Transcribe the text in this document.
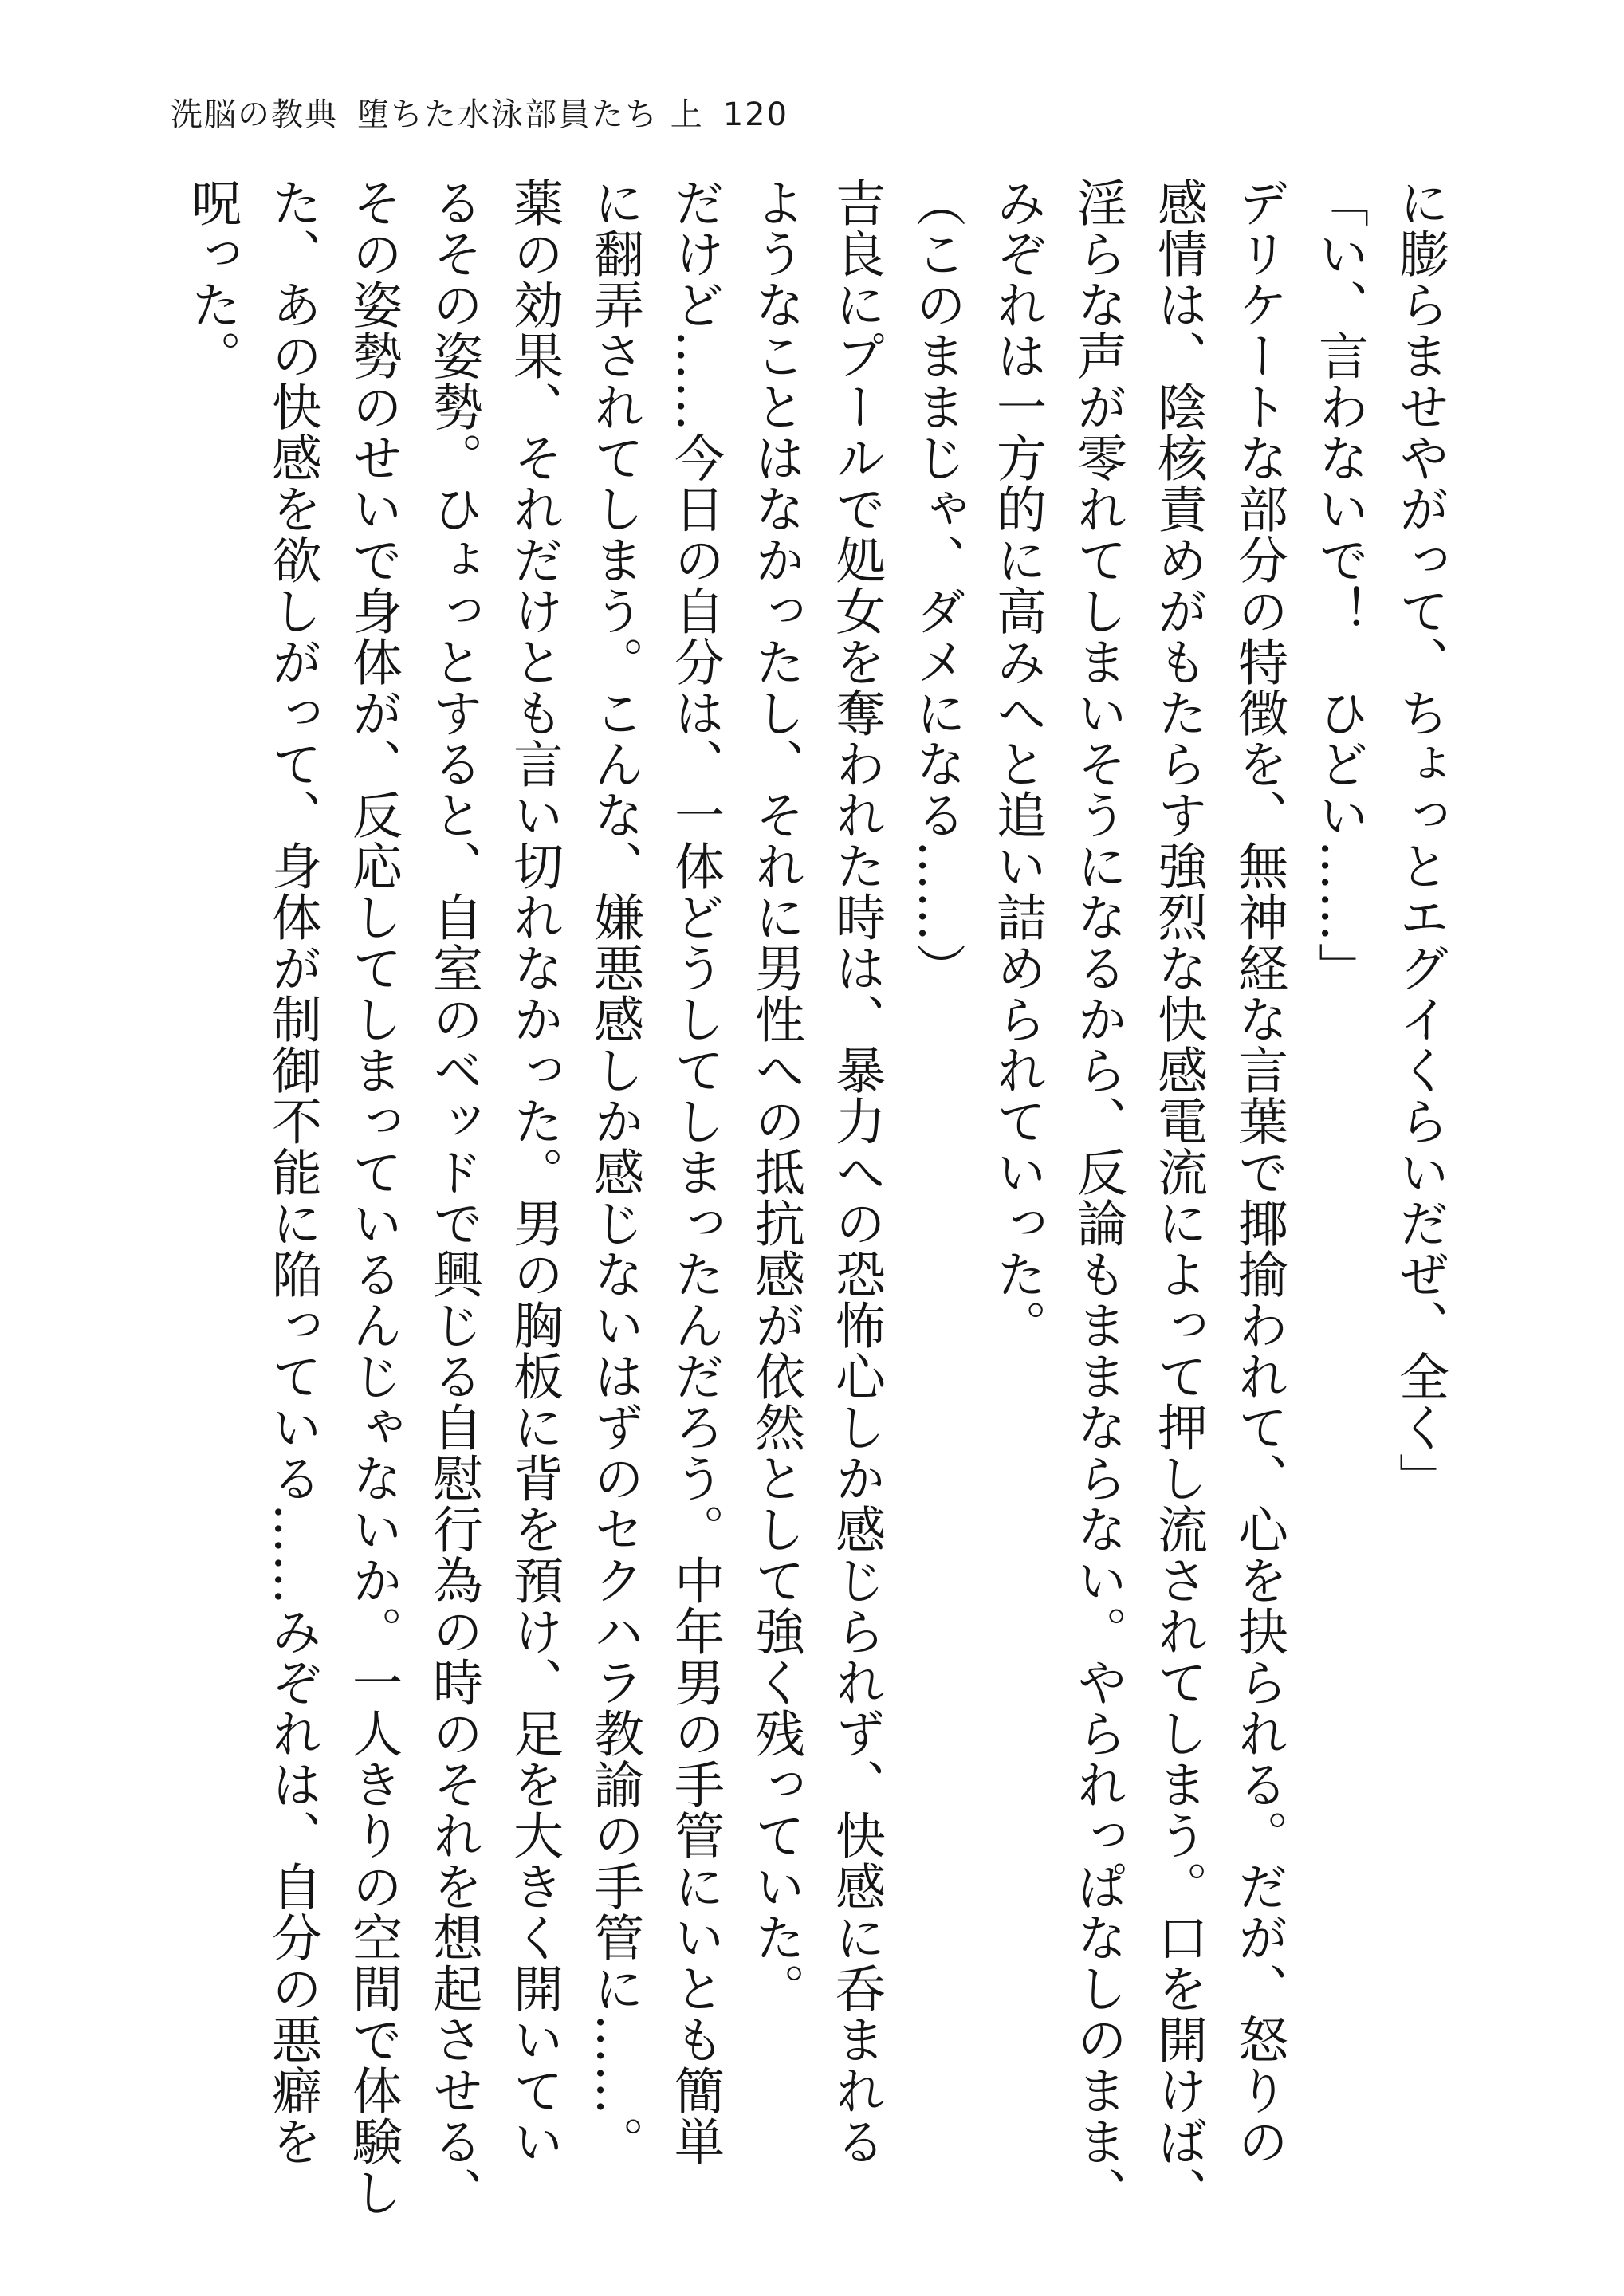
洗脳の教典 堕ちた水泳部員たち 上 120
に膨らませやがって、ちょっとエグイくらいだぜ、全く」
「い、言わないで！　ひどい……」
デリケートな部分の特徴を、無神経な言葉で揶揄われて、心を抉られる。だが、怒りの
感情は、陰核責めがもたらす強烈な快感電流によって押し流されてしまう。口を開けば、
淫らな声が零れてしまいそうになるから、反論もままならない。やられっぱなしのまま、
みぞれは一方的に高みへと追い詰められていった。
（このままじゃ、ダメになる……）
吉良にプールで処女を奪われた時は、暴力への恐怖心しか感じられず、快感に呑まれる
ようなことはなかったし、それに男性への抵抗感が依然として強く残っていた。
だけど……今日の自分は、一体どうしてしまったんだろう。中年男の手管にいとも簡単
に翻弄されてしまう。こんな、嫌悪感しか感じないはずのセクハラ教諭の手管に……。
薬の効果、それだけとも言い切れなかった。男の胸板に背を預け、足を大きく開いてい
るその姿勢。ひょっとすると、自室のベッドで興じる自慰行為の時のそれを想起させる、
その姿勢のせいで身体が、反応してしまっているんじゃないか。一人きりの空間で体験し
た、あの快感を欲しがって、身体が制御不能に陥っている……みぞれは、自分の悪癖を
呪った。
